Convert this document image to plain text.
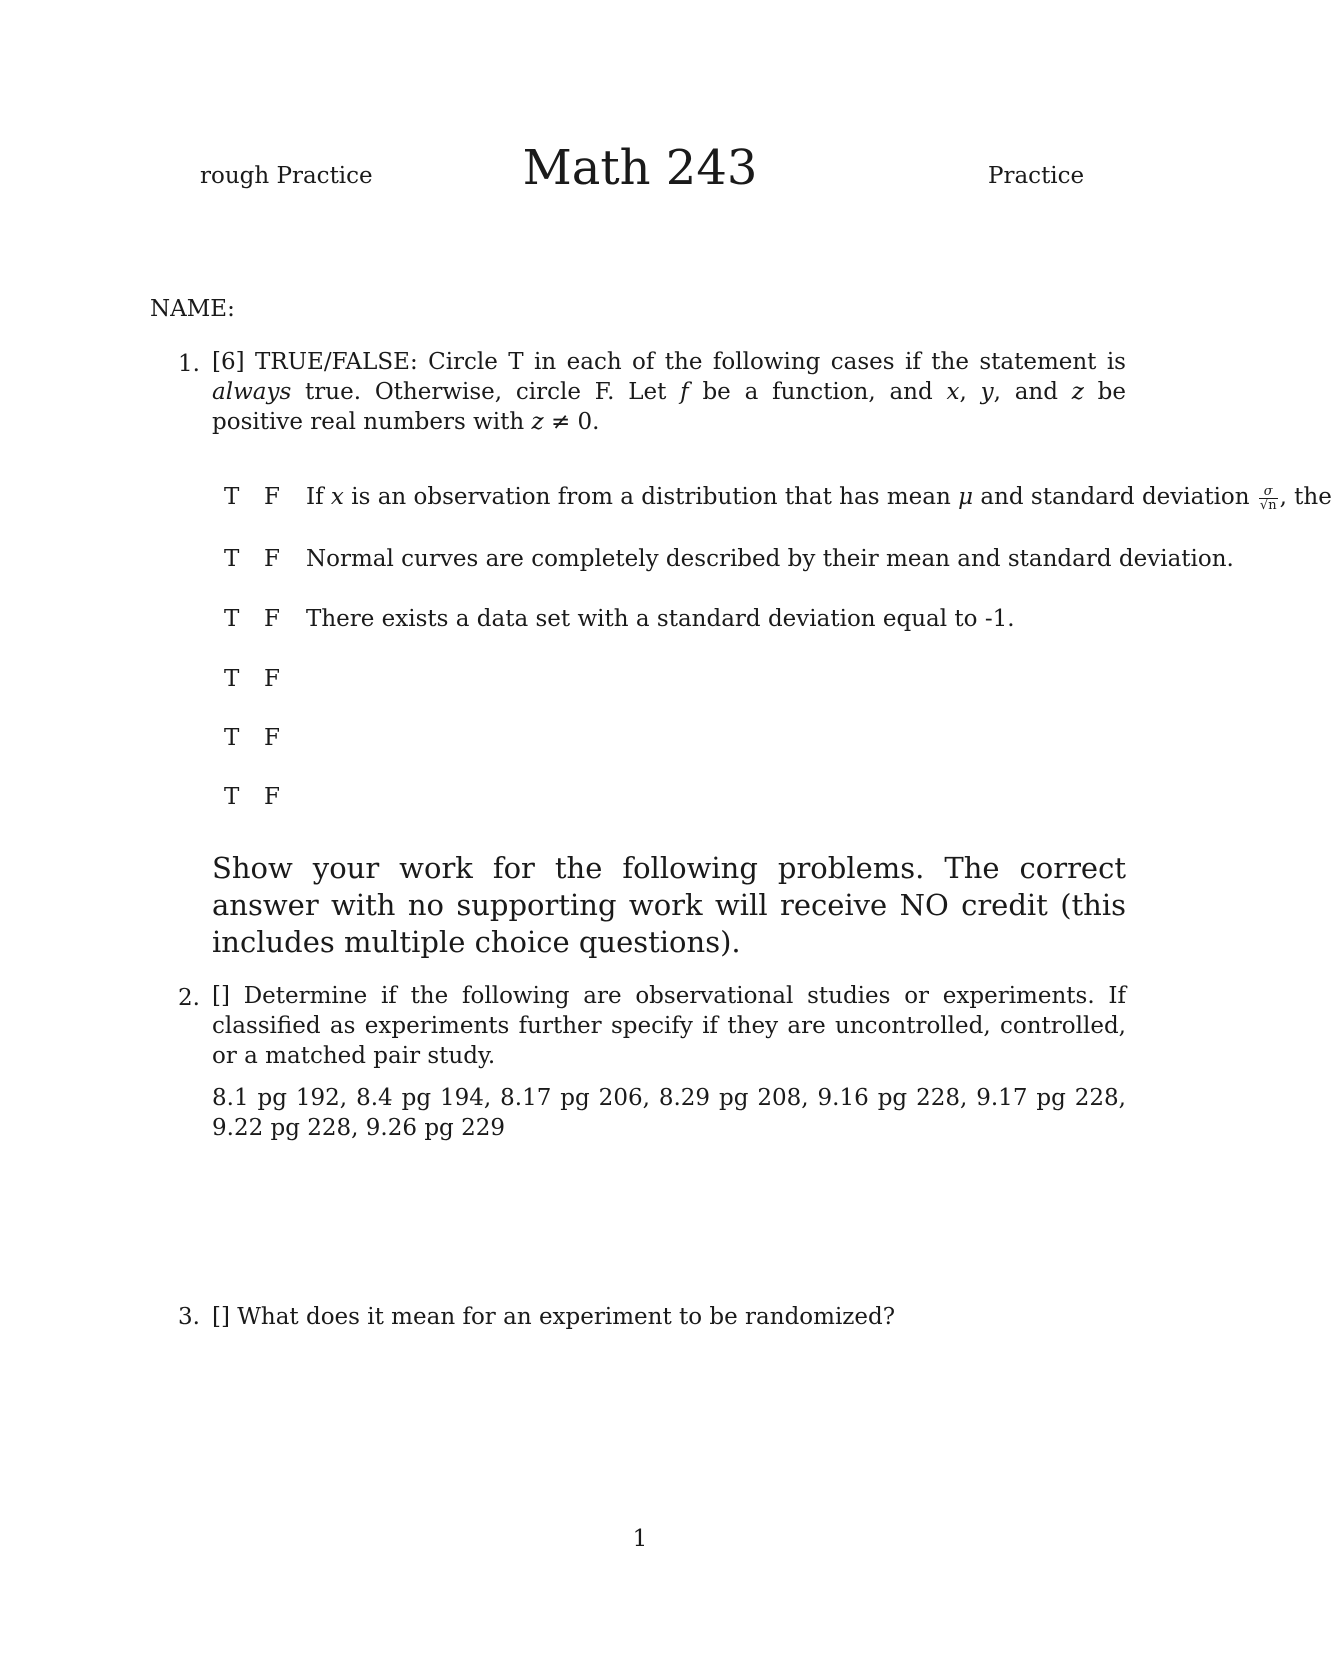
rough Practice	Math 243	Practice
NAME:
1. [6] TRUE/FALSE: Circle T in each of the following cases if the statement is always true. Otherwise, circle F. Let f be a function, and x, y, and z be positive real numbers with z ≠ 0.
T F If x is an observation from a distribution that has mean μ and standard deviation $\frac{\sigma}{√n}$ , the
T F Normal curves are completely described by their mean and standard deviation.
T F There exists a data set with a standard deviation equal to -1.
T F
T F
T F
Show your work for the following problems. The correct answer with no supporting work will receive NO credit (this includes multiple choice questions).
2. [] Determine if the following are observational studies or experiments. If classified as experiments further specify if they are uncontrolled, controlled, or a matched pair study.
8.1 pg 192, 8.4 pg 194, 8.17 pg 206, 8.29 pg 208, 9.16 pg 228, 9.17 pg 228, 9.22 pg 228, 9.26 pg 229
3. [] What does it mean for an experiment to be randomized?
1
